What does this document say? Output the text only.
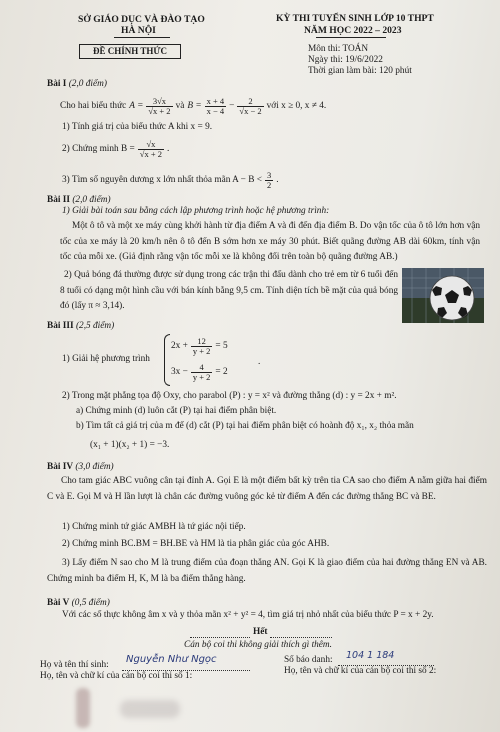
SỞ GIÁO DỤC VÀ ĐÀO TẠO
HÀ NỘI
ĐỀ CHÍNH THỨC
KỲ THI TUYỂN SINH LỚP 10 THPT
NĂM HỌC 2022 – 2023
Môn thi: TOÁN
Ngày thi: 19/6/2022
Thời gian làm bài: 120 phút
Bài I (2,0 điểm)
Cho hai biểu thức $A = \frac{3√x}{√x + 2}$ và $B = \frac{x + 4}{x - 4} - \frac{2}{√x - 2}$ với x ≥ 0, x ≠ 4.
1) Tính giá trị của biểu thức A khi x = 9.
2) Chứng minh $B = \frac{√x}{√x + 2}$ .
3) Tìm số nguyên dương x lớn nhất thỏa mãn $A - B < \frac{3}{2}$ .
Bài II (2,0 điểm)
1) Giải bài toán sau bằng cách lập phương trình hoặc hệ phương trình:
Một ô tô và một xe máy cùng khởi hành từ địa điểm A và đi đến địa điểm B. Do vận tốc của ô tô lớn hơn vận tốc của xe máy là 20 km/h nên ô tô đến B sớm hơn xe máy 30 phút. Biết quãng đường AB dài 60km, tính vận tốc của mỗi xe. (Giả định rằng vận tốc mỗi xe là không đổi trên toàn bộ quãng đường AB.)
2) Quả bóng đá thường được sử dụng trong các trận thi đấu dành cho trẻ em từ 6 tuổi đến 8 tuổi có dạng một hình cầu với bán kính bằng 9,5 cm. Tính diện tích bề mặt của quả bóng đó (lấy π ≈ 3,14).
Bài III (2,5 điểm)
1) Giải hệ phương trình
$2x + \frac{12}{y + 2} = 5$
$3x - \frac{4}{y + 2} = 2$
.
2) Trong mặt phẳng tọa độ Oxy, cho parabol (P) : y = x² và đường thẳng (d) : y = 2x + m².
a) Chứng minh (d) luôn cắt (P) tại hai điểm phân biệt.
b) Tìm tất cả giá trị của m để (d) cắt (P) tại hai điểm phân biệt có hoành độ x₁, x₂ thỏa mãn
(x₁ + 1)(x₂ + 1) = −3.
Bài IV (3,0 điểm)
Cho tam giác ABC vuông cân tại đỉnh A. Gọi E là một điểm bất kỳ trên tia CA sao cho điểm A nằm giữa hai điểm C và E. Gọi M và H lần lượt là chân các đường vuông góc kẻ từ điểm A đến các đường thẳng BC và BE.
1) Chứng minh tứ giác AMBH là tứ giác nội tiếp.
2) Chứng minh BC.BM = BH.BE và HM là tia phân giác của góc AHB.
3) Lấy điểm N sao cho M là trung điểm của đoạn thẳng AN. Gọi K là giao điểm của hai đường thẳng EN và AB. Chứng minh ba điểm H, K, M là ba điểm thẳng hàng.
Bài V (0,5 điểm)
Với các số thực không âm x và y thỏa mãn x² + y² = 4, tìm giá trị nhỏ nhất của biểu thức P = x + 2y.
Hết
Cán bộ coi thi không giải thích gì thêm.
Họ và tên thí sinh: Nguyễn Như Ngọc	Số báo danh: 104 1 184
Họ, tên và chữ kí của cán bộ coi thi số 1:	Họ, tên và chữ kí của cán bộ coi thi số 2:
